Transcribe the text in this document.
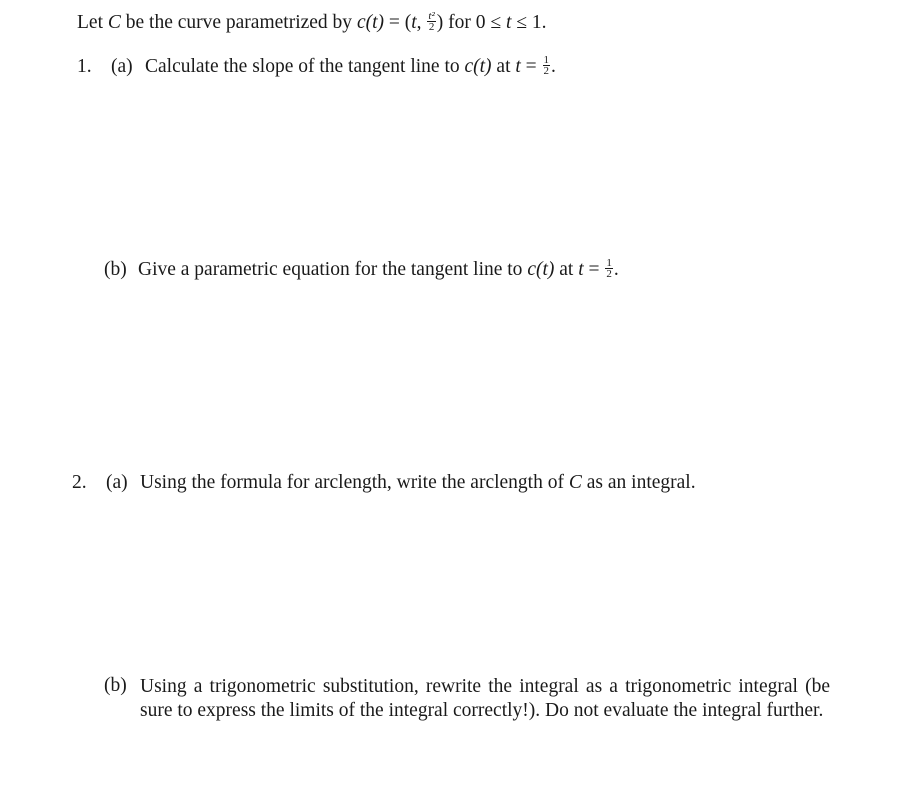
Let C be the curve parametrized by c(t) = (t, $\frac{\text{t²}}{2}$ ) for 0 ≤ t ≤ 1.
1. (a) Calculate the slope of the tangent line to c(t) at $t = \frac{1}{2}$ .
(b) Give a parametric equation for the tangent line to c(t) at $t = \frac{1}{2}$ .
2. (a) Using the formula for arclength, write the arclength of C as an integral.
(b) Using a trigonometric substitution, rewrite the integral as a trigonometric integral (be sure to express the limits of the integral correctly!). Do not evaluate the integral further.
